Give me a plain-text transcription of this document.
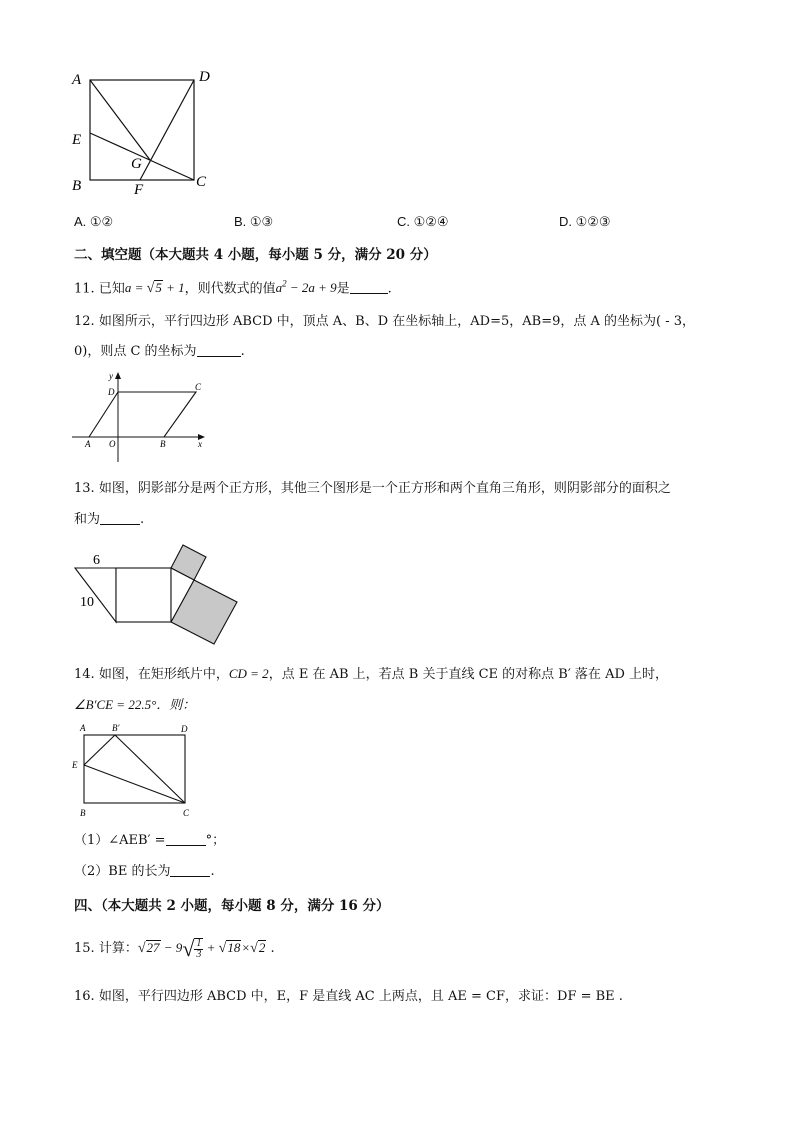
A	D
E
G
B	F	C
A. ①②	B. ①③	C. ①②④	D. ①②③
二、填空题（本大题共 4 小题，每小题 5 分，满分 20 分）
11. 已知a = √5 + 1，则代数式的值$a^2 - 2a + 9$是	.
12. 如图所示，平行四边形 ABCD 中，顶点 A、B、D 在坐标轴上，AD=5，AB=9，点 A 的坐标为( - 3，
0)，则点 C 的坐标为	.
y
D	C
A O	B	x
13. 如图，阴影部分是两个正方形，其他三个图形是一个正方形和两个直角三角形，则阴影部分的面积之
和为	.
6
10
14. 如图，在矩形纸片中，CD = 2，点 E 在 AB 上，若点 B 关于直线 CE 的对称点 B′ 落在 AD 上时，
∠B′CE = 22.5°．则：
A	B′	D
E
B	C
（1）∠AEB′ =	°；
（2）BE 的长为	.
四、（本大题共 2 小题，每小题 8 分，满分 16 分）
15. 计算：$√27 - 9√ \frac{1}{3} + √18\times√2$ .
16. 如图，平行四边形 ABCD 中，E，F 是直线 AC 上两点，且 AE = CF，求证：DF = BE .
